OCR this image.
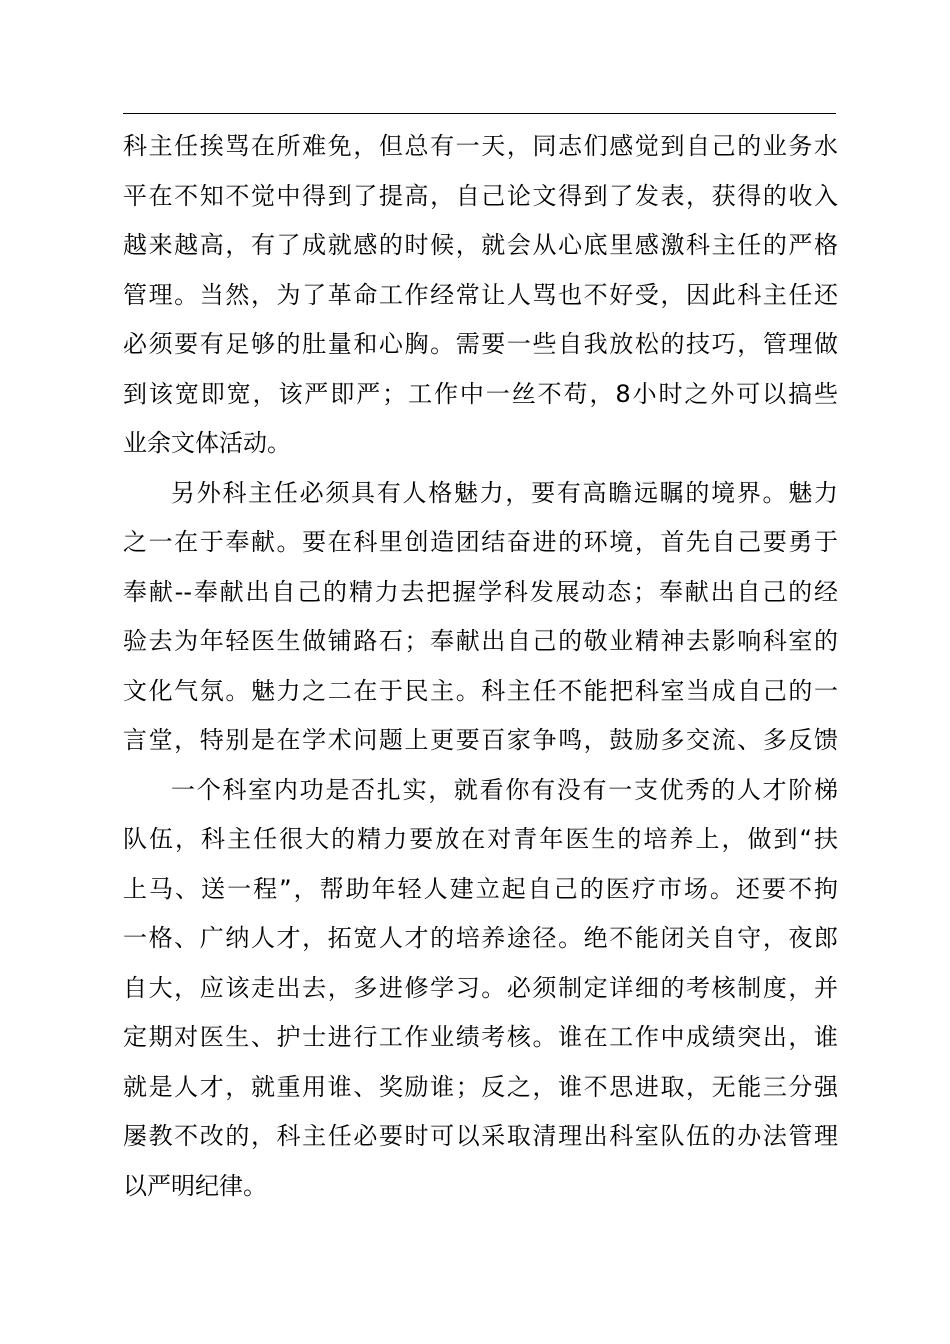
科主任挨骂在所难免，但总有一天，同志们感觉到自己的业务水
平在不知不觉中得到了提高，自己论文得到了发表，获得的收入
越来越高，有了成就感的时候，就会从心底里感激科主任的严格
管理。当然，为了革命工作经常让人骂也不好受，因此科主任还
必须要有足够的肚量和心胸。需要一些自我放松的技巧，管理做
到该宽即宽，该严即严；工作中一丝不苟，8小时之外可以搞些
业余文体活动。
另外科主任必须具有人格魅力，要有高瞻远瞩的境界。魅力
之一在于奉献。要在科里创造团结奋进的环境，首先自己要勇于
奉献--奉献出自己的精力去把握学科发展动态；奉献出自己的经
验去为年轻医生做铺路石；奉献出自己的敬业精神去影响科室的
文化气氛。魅力之二在于民主。科主任不能把科室当成自己的一
言堂，特别是在学术问题上更要百家争鸣，鼓励多交流、多反馈
一个科室内功是否扎实，就看你有没有一支优秀的人才阶梯
队伍，科主任很大的精力要放在对青年医生的培养上，做到“扶
上马、送一程”，帮助年轻人建立起自己的医疗市场。还要不拘
一格、广纳人才，拓宽人才的培养途径。绝不能闭关自守，夜郎
自大，应该走出去，多进修学习。必须制定详细的考核制度，并
定期对医生、护士进行工作业绩考核。谁在工作中成绩突出，谁
就是人才，就重用谁、奖励谁；反之，谁不思进取，无能三分强
屡教不改的，科主任必要时可以采取清理出科室队伍的办法管理
以严明纪律。
